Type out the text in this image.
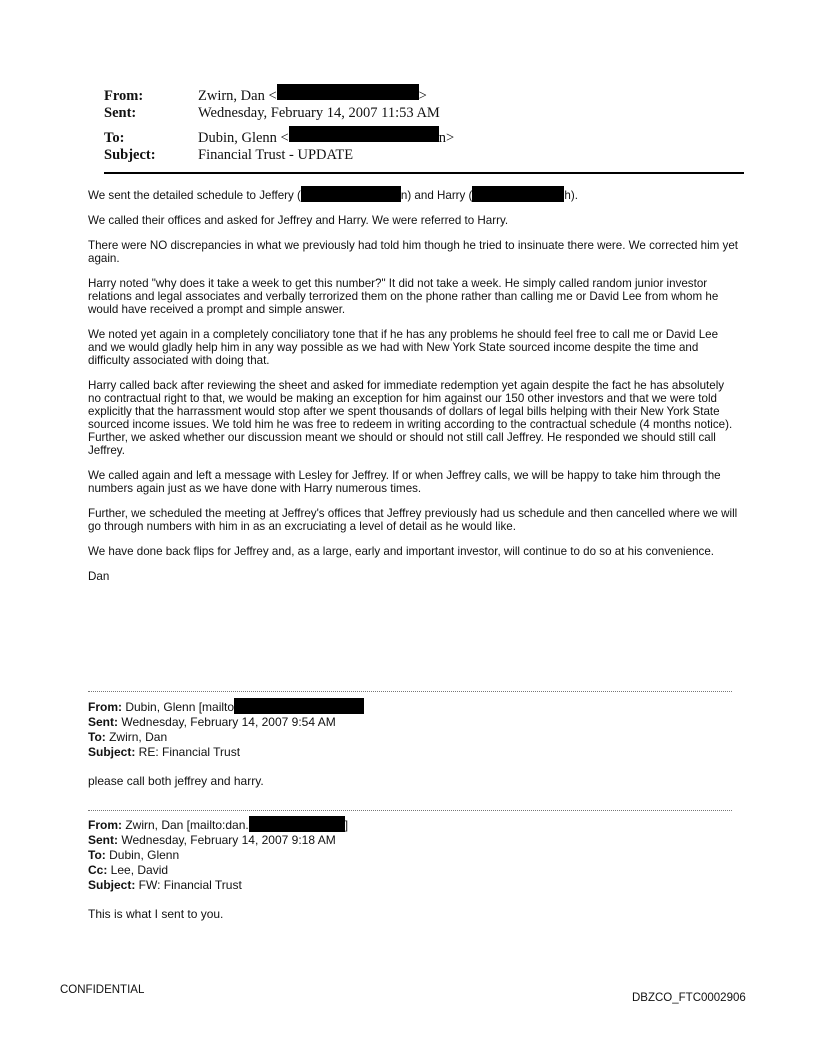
From:	Zwirn, Dan <	>
Sent:	Wednesday, February 14, 2007 11:53 AM
To:	Dubin, Glenn <	n>
Subject:	Financial Trust - UPDATE

We sent the detailed schedule to Jeffery (	n) and Harry (	h).

We called their offices and asked for Jeffrey and Harry. We were referred to Harry.

There were NO discrepancies in what we previously had told him though he tried to insinuate there were. We corrected him yet again.

Harry noted "why does it take a week to get this number?" It did not take a week. He simply called random junior investor relations and legal associates and verbally terrorized them on the phone rather than calling me or David Lee from whom he would have received a prompt and simple answer.

We noted yet again in a completely conciliatory tone that if he has any problems he should feel free to call me or David Lee and we would gladly help him in any way possible as we had with New York State sourced income despite the time and difficulty associated with doing that.

Harry called back after reviewing the sheet and asked for immediate redemption yet again despite the fact he has absolutely no contractual right to that, we would be making an exception for him against our 150 other investors and that we were told explicitly that the harrassment would stop after we spent thousands of dollars of legal bills helping with their New York State sourced income issues. We told him he was free to redeem in writing according to the contractual schedule (4 months notice). Further, we asked whether our discussion meant we should or should not still call Jeffrey. He responded we should still call Jeffrey.

We called again and left a message with Lesley for Jeffrey. If or when Jeffrey calls, we will be happy to take him through the numbers again just as we have done with Harry numerous times.

Further, we scheduled the meeting at Jeffrey's offices that Jeffrey previously had us schedule and then cancelled where we will go through numbers with him in as an excruciating a level of detail as he would like.

We have done back flips for Jeffrey and, as a large, early and important investor, will continue to do so at his convenience.

Dan

From: Dubin, Glenn [mailto
Sent: Wednesday, February 14, 2007 9:54 AM
To: Zwirn, Dan
Subject: RE: Financial Trust
please call both jeffrey and harry.
From: Zwirn, Dan [mailto:dan.	]
Sent: Wednesday, February 14, 2007 9:18 AM
To: Dubin, Glenn
Cc: Lee, David
Subject: FW: Financial Trust
This is what I sent to you.
CONFIDENTIAL
DBZCO_FTC0002906
